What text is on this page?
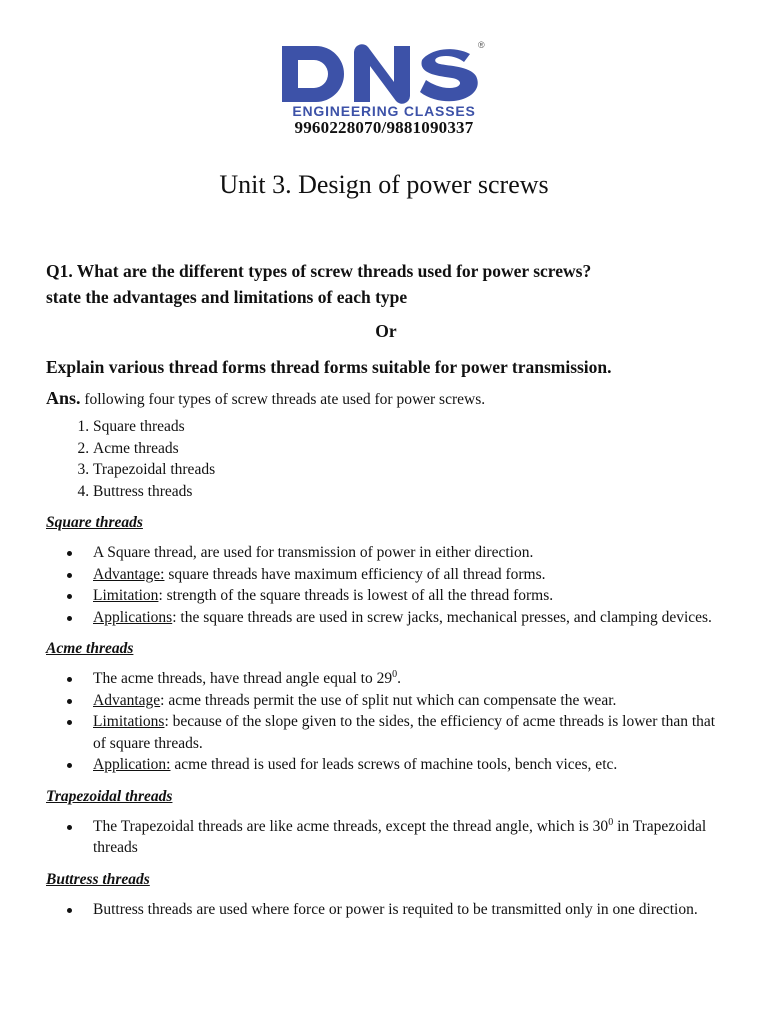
®
ENGINEERING CLASSES
9960228070/9881090337
Unit 3. Design of power screws

Q1. What are the different types of screw threads used for power screws?
state the advantages and limitations of each type

Or

Explain various thread forms thread forms suitable for power transmission.

Ans. following four types of screw threads ate used for power screws.

1. Square threads
2. Acme threads
3. Trapezoidal threads
4. Buttress threads
Square threads
A Square thread, are used for transmission of power in either direction.
Advantage: square threads have maximum efficiency of all thread forms.
Limitation: strength of the square threads is lowest of all the thread forms.
Applications: the square threads are used in screw jacks, mechanical presses, and clamping devices.
Acme threads
The acme threads, have thread angle equal to $29^0$.
Advantage: acme threads permit the use of split nut which can compensate the wear.
Limitations: because of the slope given to the sides, the efficiency of acme threads is lower than that of square threads.
Application: acme thread is used for leads screws of machine tools, bench vices, etc.
Trapezoidal threads
The Trapezoidal threads are like acme threads, except the thread angle, which is $30^0$ in Trapezoidal threads
Buttress threads
Buttress threads are used where force or power is requited to be transmitted only in one direction.
